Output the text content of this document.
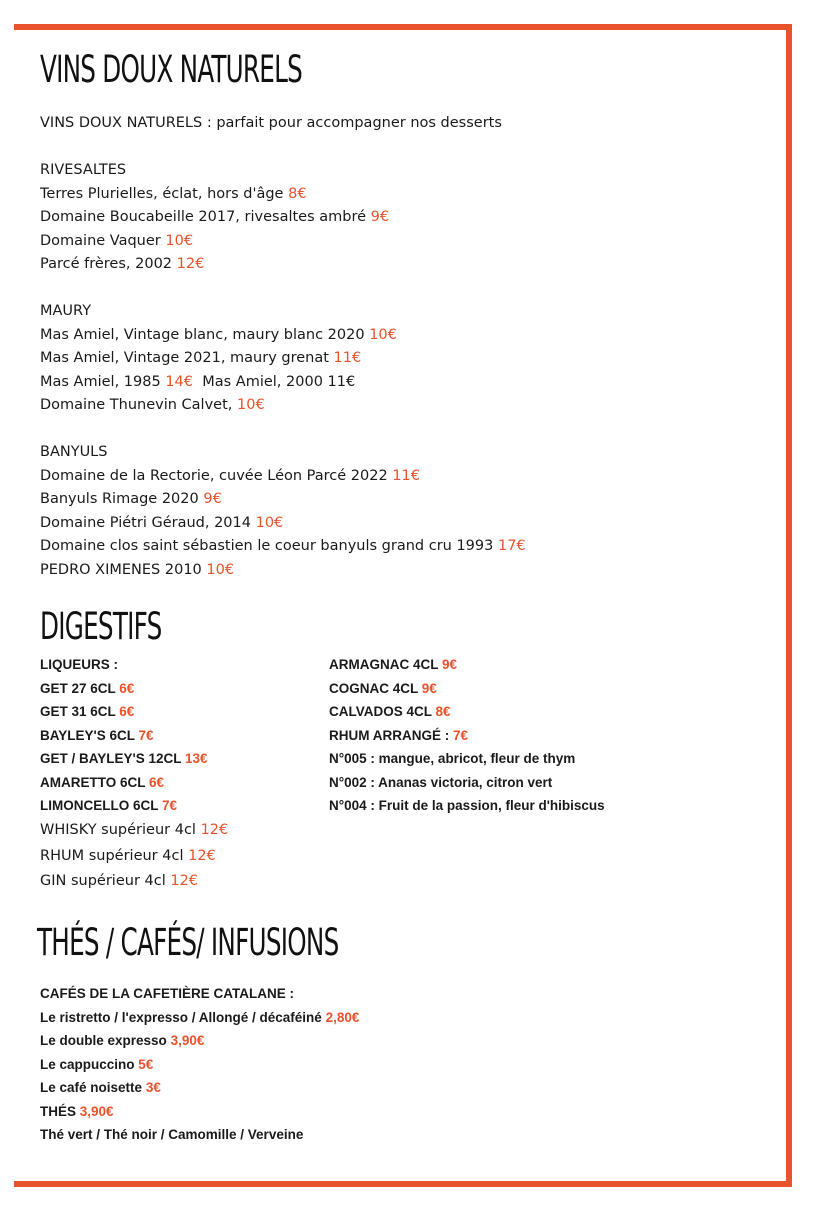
VINS DOUX NATURELS
VINS DOUX NATURELS : parfait pour accompagner nos desserts
RIVESALTES
Terres Plurielles, éclat, hors d'âge 8€
Domaine Boucabeille 2017, rivesaltes ambré 9€
Domaine Vaquer 10€
Parcé frères, 2002 12€
MAURY
Mas Amiel, Vintage blanc, maury blanc 2020 10€
Mas Amiel, Vintage 2021, maury grenat 11€
Mas Amiel, 1985 14€ Mas Amiel, 2000 11€
Domaine Thunevin Calvet, 10€
BANYULS
Domaine de la Rectorie, cuvée Léon Parcé 2022 11€
Banyuls Rimage 2020 9€
Domaine Piétri Géraud, 2014 10€
Domaine clos saint sébastien le coeur banyuls grand cru 1993 17€
PEDRO XIMENES 2010 10€
DIGESTIFS
LIQUEURS :
GET 27 6CL 6€
GET 31 6CL 6€
BAYLEY'S 6CL 7€
GET / BAYLEY'S 12CL 13€
AMARETTO 6CL 6€
LIMONCELLO 6CL 7€
WHISKY supérieur 4cl 12€
RHUM supérieur 4cl 12€
GIN supérieur 4cl 12€
ARMAGNAC 4CL 9€
COGNAC 4CL 9€
CALVADOS 4CL 8€
RHUM ARRANGÉ : 7€
N°005 : mangue, abricot, fleur de thym
N°002 : Ananas victoria, citron vert
N°004 : Fruit de la passion, fleur d'hibiscus
THÉS / CAFÉS/ INFUSIONS
CAFÉS DE LA CAFETIÈRE CATALANE :
Le ristretto / l'expresso / Allongé / décaféiné 2,80€
Le double expresso 3,90€
Le cappuccino 5€
Le café noisette 3€
THÉS 3,90€
Thé vert / Thé noir / Camomille / Verveine
